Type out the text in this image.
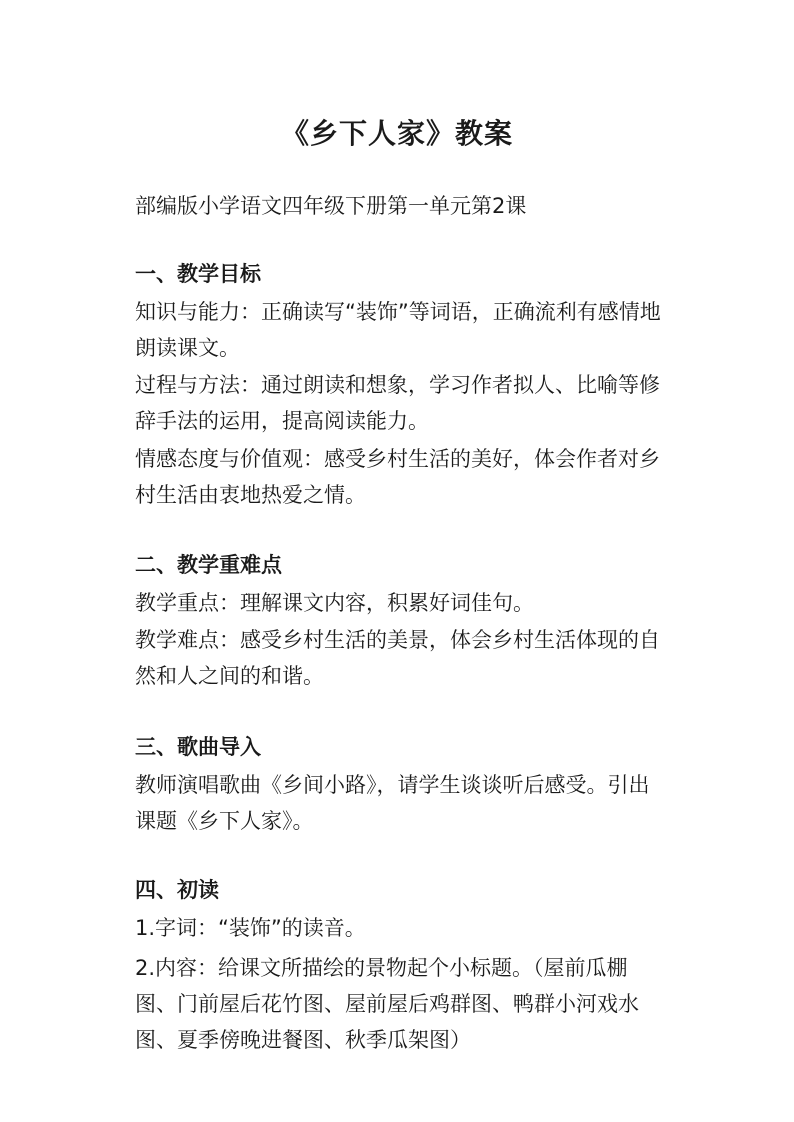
《乡下人家》教案
部编版小学语文四年级下册第一单元第2课
一、教学目标
知识与能力：正确读写“装饰”等词语，正确流利有感情地
朗读课文。
过程与方法：通过朗读和想象，学习作者拟人、比喻等修
辞手法的运用，提高阅读能力。
情感态度与价值观：感受乡村生活的美好，体会作者对乡
村生活由衷地热爱之情。
二、教学重难点
教学重点：理解课文内容，积累好词佳句。
教学难点：感受乡村生活的美景，体会乡村生活体现的自
然和人之间的和谐。
三、歌曲导入
教师演唱歌曲《乡间小路》，请学生谈谈听后感受。引出
课题《乡下人家》。
四、初读
1.字词：“装饰”的读音。
2.内容：给课文所描绘的景物起个小标题。（屋前瓜棚
图、门前屋后花竹图、屋前屋后鸡群图、鸭群小河戏水
图、夏季傍晚进餐图、秋季瓜架图）
